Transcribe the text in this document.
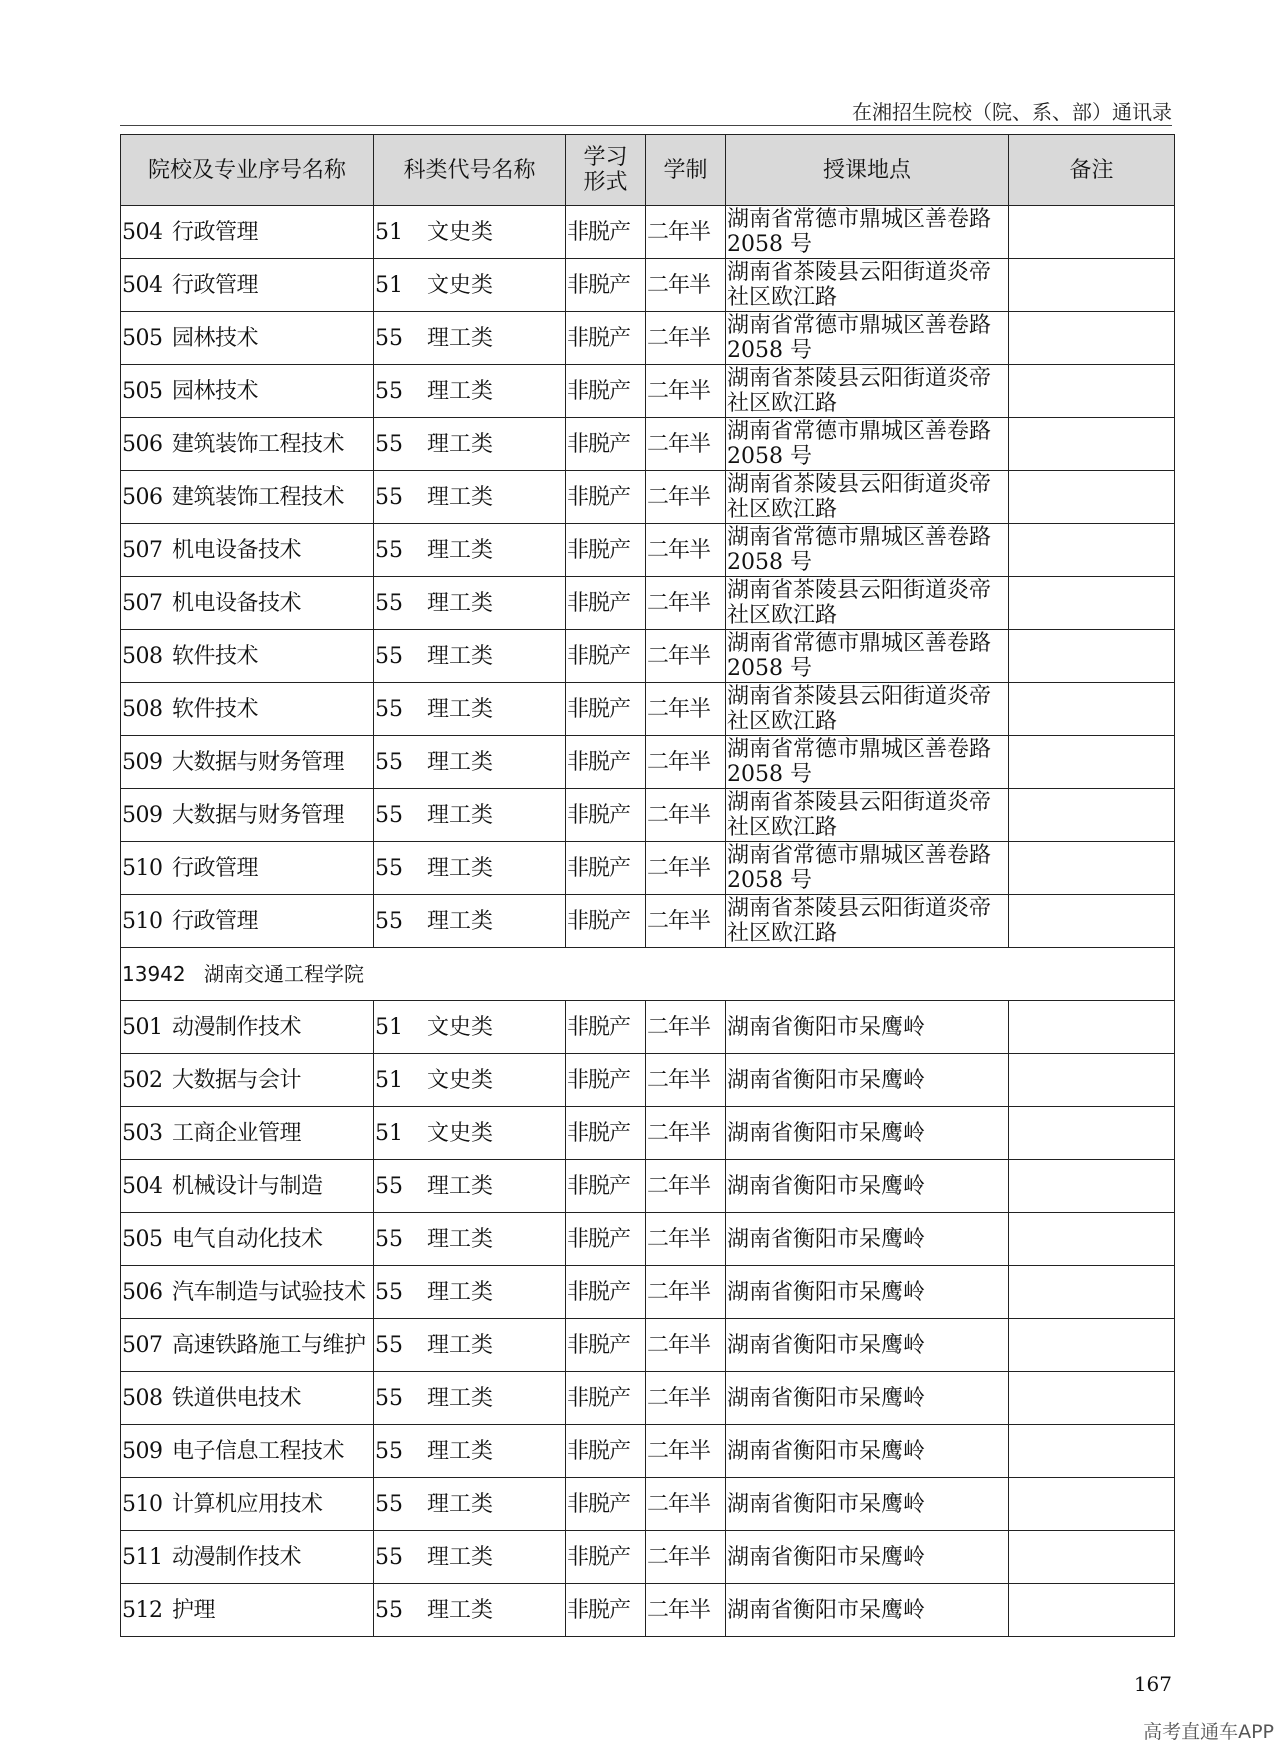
在湘招生院校（院、系、部）通讯录
院校及专业序号名称	科类代号名称	学习
形式	学制	授课地点	备注
504 行政管理	51 文史类	非脱产	二年半	湖南省常德市鼎城区善卷路
2058 号	

504 行政管理	51 文史类	非脱产	二年半	湖南省茶陵县云阳街道炎帝
社区欧江路	

505 园林技术	55 理工类	非脱产	二年半	湖南省常德市鼎城区善卷路
2058 号	

505 园林技术	55 理工类	非脱产	二年半	湖南省茶陵县云阳街道炎帝
社区欧江路	

506 建筑装饰工程技术	55 理工类	非脱产	二年半	湖南省常德市鼎城区善卷路
2058 号	

506 建筑装饰工程技术	55 理工类	非脱产	二年半	湖南省茶陵县云阳街道炎帝
社区欧江路	

507 机电设备技术	55 理工类	非脱产	二年半	湖南省常德市鼎城区善卷路
2058 号	

507 机电设备技术	55 理工类	非脱产	二年半	湖南省茶陵县云阳街道炎帝
社区欧江路	

508 软件技术	55 理工类	非脱产	二年半	湖南省常德市鼎城区善卷路
2058 号	

508 软件技术	55 理工类	非脱产	二年半	湖南省茶陵县云阳街道炎帝
社区欧江路	

509 大数据与财务管理	55 理工类	非脱产	二年半	湖南省常德市鼎城区善卷路
2058 号	

509 大数据与财务管理	55 理工类	非脱产	二年半	湖南省茶陵县云阳街道炎帝
社区欧江路	

510 行政管理	55 理工类	非脱产	二年半	湖南省常德市鼎城区善卷路
2058 号	

510 行政管理	55 理工类	非脱产	二年半	湖南省茶陵县云阳街道炎帝
社区欧江路	

13942 湖南交通工程学院					
501 动漫制作技术	51 文史类	非脱产	二年半	湖南省衡阳市呆鹰岭	

502 大数据与会计	51 文史类	非脱产	二年半	湖南省衡阳市呆鹰岭	

503 工商企业管理	51 文史类	非脱产	二年半	湖南省衡阳市呆鹰岭	

504 机械设计与制造	55 理工类	非脱产	二年半	湖南省衡阳市呆鹰岭	

505 电气自动化技术	55 理工类	非脱产	二年半	湖南省衡阳市呆鹰岭	

506 汽车制造与试验技术	55 理工类	非脱产	二年半	湖南省衡阳市呆鹰岭	

507 高速铁路施工与维护	55 理工类	非脱产	二年半	湖南省衡阳市呆鹰岭	

508 铁道供电技术	55 理工类	非脱产	二年半	湖南省衡阳市呆鹰岭	

509 电子信息工程技术	55 理工类	非脱产	二年半	湖南省衡阳市呆鹰岭	

510 计算机应用技术	55 理工类	非脱产	二年半	湖南省衡阳市呆鹰岭	

511 动漫制作技术	55 理工类	非脱产	二年半	湖南省衡阳市呆鹰岭	

512 护理	55 理工类	非脱产	二年半	湖南省衡阳市呆鹰岭	

167
高考直通车APP
